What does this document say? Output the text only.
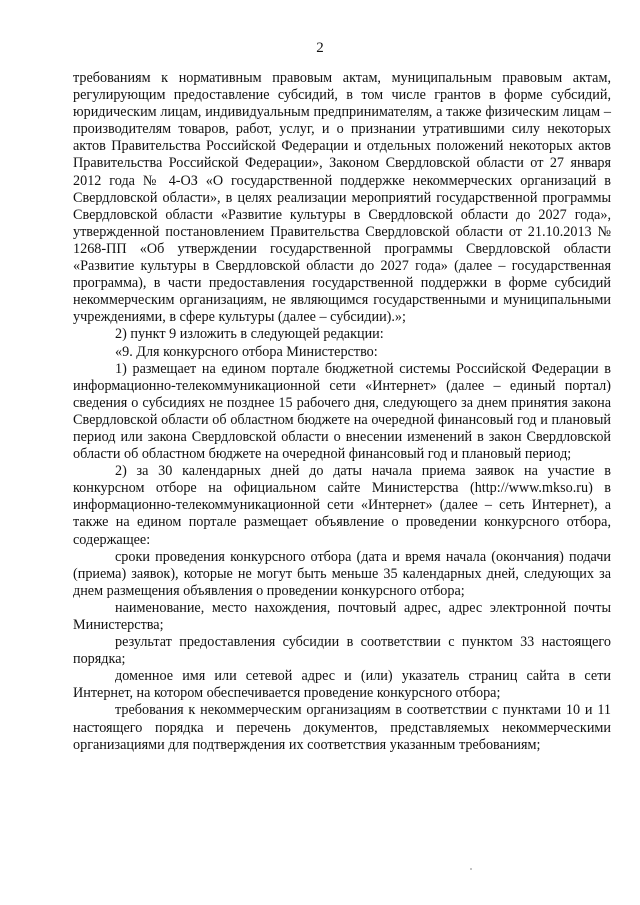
2

требованиям к нормативным правовым актам, муниципальным правовым актам, регулирующим предоставление субсидий, в том числе грантов в форме субсидий, юридическим лицам, индивидуальным предпринимателям, а также физическим лицам – производителям товаров, работ, услуг, и о признании утратившими силу некоторых актов Правительства Российской Федерации и отдельных положений некоторых актов Правительства Российской Федерации», Законом Свердловской области от 27 января 2012 года № 4-ОЗ «О государственной поддержке некоммерческих организаций в Свердловской области», в целях реализации мероприятий государственной программы Свердловской области «Развитие культуры в Свердловской области до 2027 года», утвержденной постановлением Правительства Свердловской области от 21.10.2013 № 1268-ПП «Об утверждении государственной программы Свердловской области «Развитие культуры в Свердловской области до 2027 года» (далее – государственная программа), в части предоставления государственной поддержки в форме субсидий некоммерческим организациям, не являющимся государственными и муниципальными учреждениями, в сфере культуры (далее – субсидии).»;

2) пункт 9 изложить в следующей редакции:

«9. Для конкурсного отбора Министерство:

1) размещает на едином портале бюджетной системы Российской Федерации в информационно-телекоммуникационной сети «Интернет» (далее – единый портал) сведения о субсидиях не позднее 15 рабочего дня, следующего за днем принятия закона Свердловской области об областном бюджете на очередной финансовый год и плановый период или закона Свердловской области о внесении изменений в закон Свердловской области об областном бюджете на очередной финансовый год и плановый период;

2) за 30 календарных дней до даты начала приема заявок на участие в конкурсном отборе на официальном сайте Министерства (http://www.mkso.ru) в информационно-телекоммуникационной сети «Интернет» (далее – сеть Интернет), а также на едином портале размещает объявление о проведении конкурсного отбора, содержащее:

сроки проведения конкурсного отбора (дата и время начала (окончания) подачи (приема) заявок), которые не могут быть меньше 35 календарных дней, следующих за днем размещения объявления о проведении конкурсного отбора;

наименование, место нахождения, почтовый адрес, адрес электронной почты Министерства;

результат предоставления субсидии в соответствии с пунктом 33 настоящего порядка;

доменное имя или сетевой адрес и (или) указатель страниц сайта в сети Интернет, на котором обеспечивается проведение конкурсного отбора;

требования к некоммерческим организациям в соответствии с пунктами 10 и 11 настоящего порядка и перечень документов, представляемых некоммерческими организациями для подтверждения их соответствия указанным требованиям;
